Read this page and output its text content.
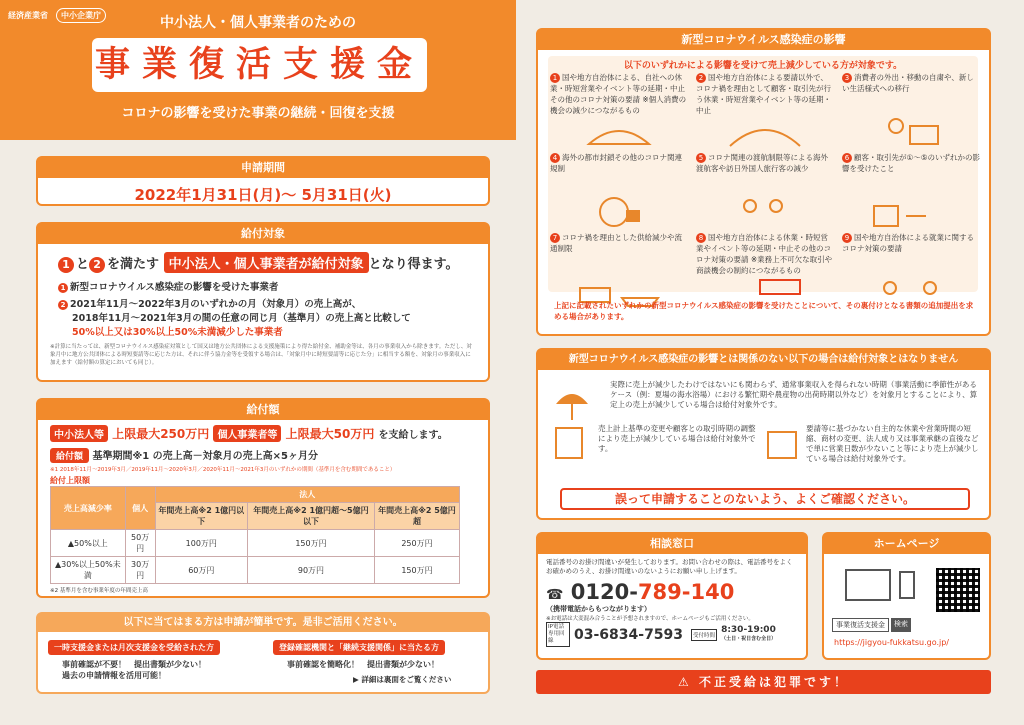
経済産業省	中小企業庁	中小法人・個人事業者のための
事業復活支援金
コロナの影響を受けた事業の継続・回復を支援
申請期間
2022年1月31日(月)～ 5月31日(火)
給付対象
1 と 2 を満たす 中小法人・個人事業者が給付対象 となり得ます。
1 新型コロナウイルス感染症の影響を受けた事業者
2 2021年11月～2022年3月のいずれかの月（対象月）の売上高が、
2018年11月～2021年3月の間の任意の同じ月（基準月）の売上高と比較して
50%以上又は30%以上50%未満減少した事業者
※計算に当たっては、新型コロナウイルス感染症対策として国又は地方公共団体による支援施策により得た給付金、補助金等は、各月の事業収入から除きます。ただし、対象月中に地方公共団体による時短要請等に応じた方は、それに伴う協力金等を受領する場合は、「対象月中に時短要請等に応じた分」に相当する額を、対象月の事業収入に加えます（給付額の算定においても同じ）。
給付額
中小法人等 上限最大250万円 個人事業者等 上限最大50万円 を支給します。
給付額 基準期間※1 の売上高－対象月の売上高×5ヶ月分
※1 2018年11月～2019年3月／2019年11月～2020年3月／2020年11月～2021年3月のいずれかの期間（基準月を含む期間であること）
給付上限額
売上高減少率	個人	法人		
		年間売上高※2 1億円以下	年間売上高※2 1億円超～5億円以下	年間売上高※2 5億円超
▲50%以上	50万円	100万円	150万円	250万円
▲30%以上50%未満	30万円	60万円	90万円	150万円
※2 基準月を含む事業年度の年間売上高
以下に当てはまる方は申請が簡単です。是非ご活用ください。
一時支援金または月次支援金を受給された方
事前確認が不要！　提出書類が少ない！
過去の申請情報を活用可能！
登録確認機関と「継続支援関係」に当たる方
事前確認を簡略化！　提出書類が少ない！
▶ 詳細は裏面をご覧ください
新型コロナウイルス感染症の影響
以下のいずれかによる影響を受けて売上減少している方が対象です。
1 国や地方自治体による、自社への休業・時短営業やイベント等の延期・中止その他のコロナ対策の要請 ※個人消費の機会の減少につながるもの
2 国や地方自治体による要請以外で、コロナ禍を理由として顧客・取引先が行う休業・時短営業やイベント等の延期・中止
3 消費者の外出・移動の自粛や、新しい生活様式への移行
4 海外の都市封鎖その他のコロナ関連規制
5 コロナ関連の渡航制限等による海外渡航客や訪日外国人旅行客の減少
6 顧客・取引先が①～⑤のいずれかの影響を受けたこと
7 コロナ禍を理由とした供給減少や流通制限
8 国や地方自治体による休業・時短営業やイベント等の延期・中止その他のコロナ対策の要請 ※業務上不可欠な取引や商談機会の制約につながるもの
9 国や地方自治体による就業に関するコロナ対策の要請
上記に記載されたいずれかの新型コロナウイルス感染症の影響を受けたことについて、その裏付けとなる書類の追加提出を求める場合があります。
新型コロナウイルス感染症の影響とは関係のない以下の場合は給付対象とはなりません
実際に売上が減少したわけではないにも関わらず、通常事業収入を得られない時期（事業活動に季節性があるケース（例：夏場の海水浴場）における繁忙期や農産物の出荷時期以外など）を対象月とすることにより、算定上の売上が減少している場合は給付対象外です。
売上計上基準の変更や顧客との取引時期の調整により売上が減少している場合は給付対象外です。
要請等に基づかない自主的な休業や営業時間の短縮、商材の変更、法人成り又は事業承継の直後などで単に営業日数が少ないこと等により売上が減少している場合は給付対象外です。
誤って申請することのないよう、よくご確認ください。
相談窓口
電話番号のお掛け間違いが発生しております。お問い合わせの際は、電話番号をよくお確かめのうえ、お掛け間違いのないようにお願い申し上げます。
☎ 0120-789-140
（携帯電話からもつながります）
※お電話は大変混み合うことが予想されますので、ホームページもご活用ください。
IP電話専用回線	03-6834-7593	受付時間
8:30-19:00
（土日・祝日含む全日）
ホームページ
事業復活支援金	検索
https://jigyou-fukkatsu.go.jp/
⚠ 不正受給は犯罪です！
